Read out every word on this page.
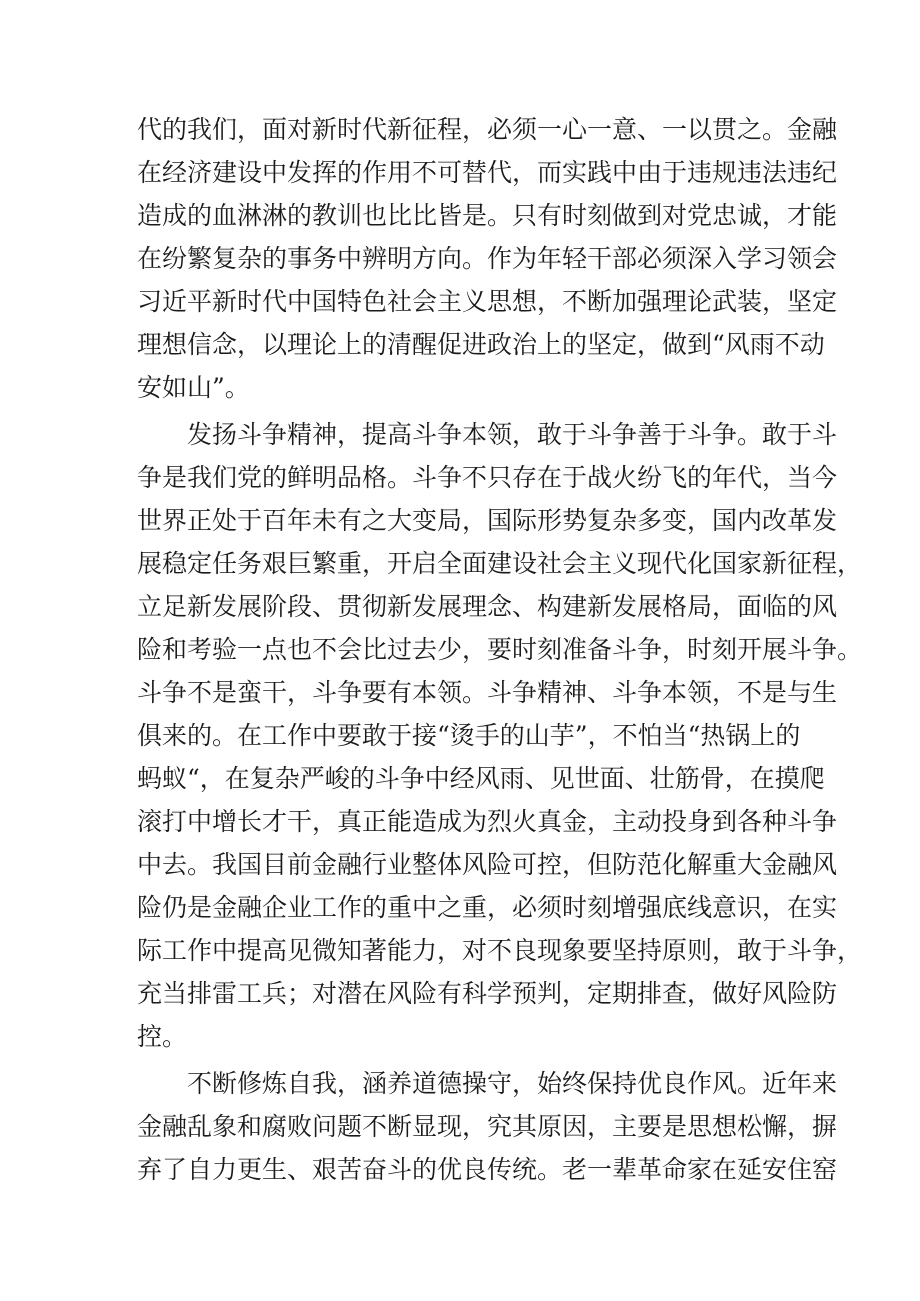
代的我们，面对新时代新征程，必须一心一意、一以贯之。金融
在经济建设中发挥的作用不可替代，而实践中由于违规违法违纪
造成的血淋淋的教训也比比皆是。只有时刻做到对党忠诚，才能
在纷繁复杂的事务中辨明方向。作为年轻干部必须深入学习领会
习近平新时代中国特色社会主义思想，不断加强理论武装，坚定
理想信念，以理论上的清醒促进政治上的坚定，做到“风雨不动
安如山”。
发扬斗争精神，提高斗争本领，敢于斗争善于斗争。敢于斗
争是我们党的鲜明品格。斗争不只存在于战火纷飞的年代，当今
世界正处于百年未有之大变局，国际形势复杂多变，国内改革发
展稳定任务艰巨繁重，开启全面建设社会主义现代化国家新征程，
立足新发展阶段、贯彻新发展理念、构建新发展格局，面临的风
险和考验一点也不会比过去少，要时刻准备斗争，时刻开展斗争。
斗争不是蛮干，斗争要有本领。斗争精神、斗争本领，不是与生
俱来的。在工作中要敢于接“烫手的山芋”，不怕当“热锅上的
蚂蚁“，在复杂严峻的斗争中经风雨、见世面、壮筋骨，在摸爬
滚打中增长才干，真正能造成为烈火真金，主动投身到各种斗争
中去。我国目前金融行业整体风险可控，但防范化解重大金融风
险仍是金融企业工作的重中之重，必须时刻增强底线意识，在实
际工作中提高见微知著能力，对不良现象要坚持原则，敢于斗争，
充当排雷工兵；对潜在风险有科学预判，定期排查，做好风险防
控。
不断修炼自我，涵养道德操守，始终保持优良作风。近年来
金融乱象和腐败问题不断显现，究其原因，主要是思想松懈，摒
弃了自力更生、艰苦奋斗的优良传统。老一辈革命家在延安住窑
